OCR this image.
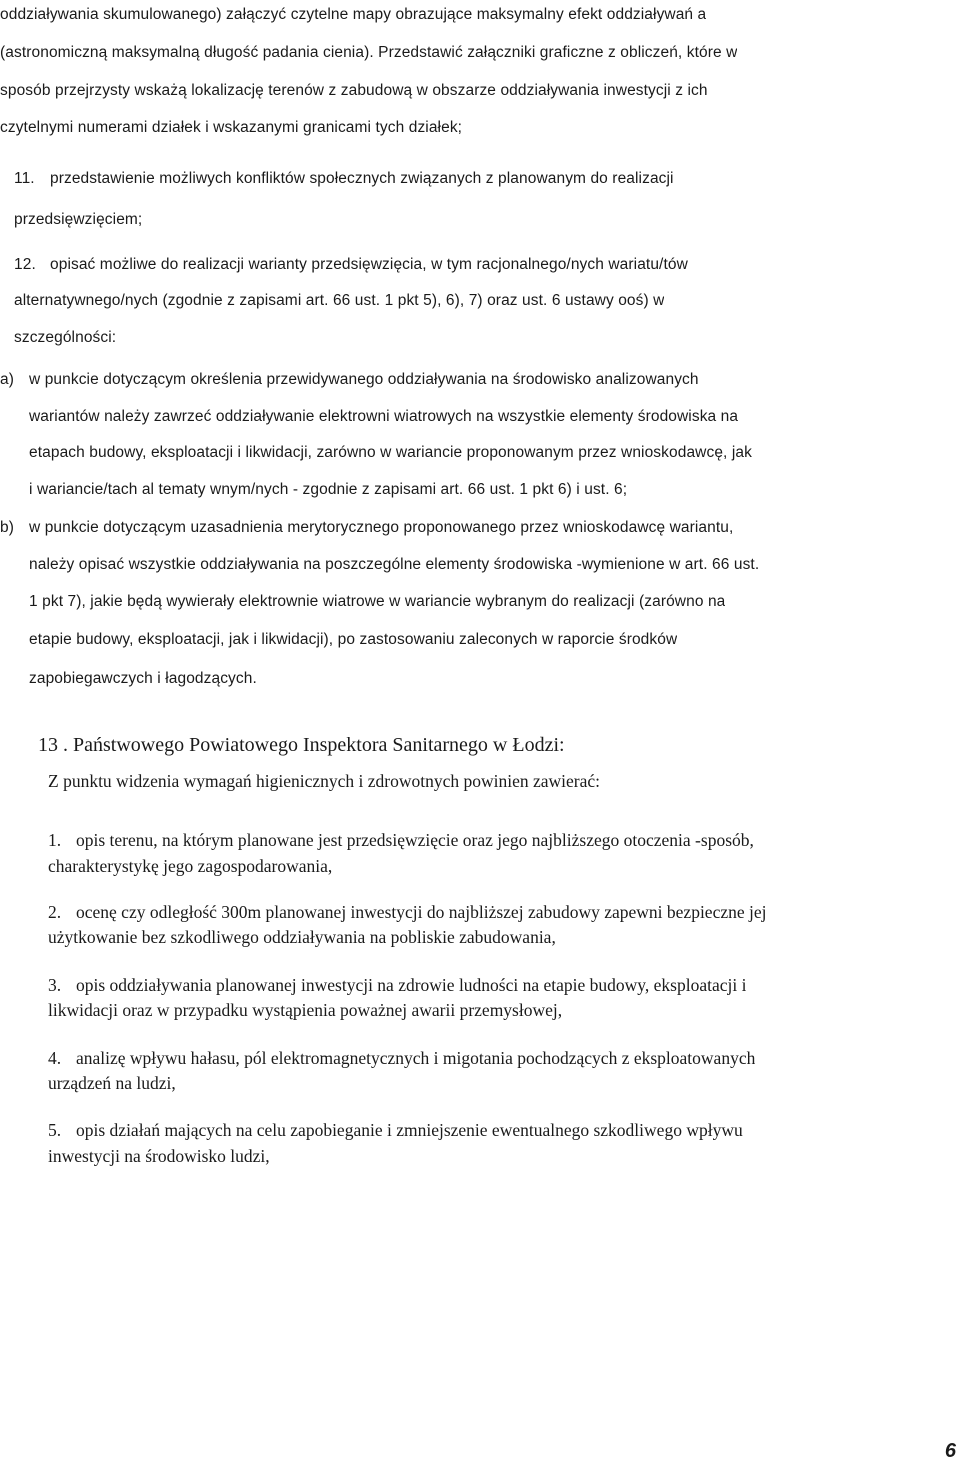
oddziaływania skumulowanego) załączyć czytelne mapy obrazujące maksymalny efekt oddziaływań a
(astronomiczną maksymalną długość padania cienia). Przedstawić załączniki graficzne z obliczeń, które w
sposób przejrzysty wskażą lokalizację terenów z zabudową w obszarze oddziaływania inwestycji z ich
czytelnymi numerami działek i wskazanymi granicami tych działek;
11. przedstawienie możliwych konfliktów społecznych związanych z planowanym do realizacji
przedsięwzięciem;
12. opisać możliwe do realizacji warianty przedsięwzięcia, w tym racjonalnego/nych wariatu/tów
alternatywnego/nych (zgodnie z zapisami art. 66 ust. 1 pkt 5), 6), 7) oraz ust. 6 ustawy ooś) w
szczególności:
a) w punkcie dotyczącym określenia przewidywanego oddziaływania na środowisko analizowanych
wariantów należy zawrzeć oddziaływanie elektrowni wiatrowych na wszystkie elementy środowiska na
etapach budowy, eksploatacji i likwidacji, zarówno w wariancie proponowanym przez wnioskodawcę, jak
i wariancie/tach al tematy wnym/nych - zgodnie z zapisami art. 66 ust. 1 pkt 6) i ust. 6;
b) w punkcie dotyczącym uzasadnienia merytorycznego proponowanego przez wnioskodawcę wariantu,
należy opisać wszystkie oddziaływania na poszczególne elementy środowiska -wymienione w art. 66 ust.
1 pkt 7), jakie będą wywierały elektrownie wiatrowe w wariancie wybranym do realizacji (zarówno na
etapie budowy, eksploatacji, jak i likwidacji), po zastosowaniu zaleconych w raporcie środków
zapobiegawczych i łagodzących.
13 . Państwowego Powiatowego Inspektora Sanitarnego w Łodzi:
Z punktu widzenia wymagań higienicznych i zdrowotnych powinien zawierać:
1. opis terenu, na którym planowane jest przedsięwzięcie oraz jego najbliższego otoczenia -sposób,
charakterystykę jego zagospodarowania,
2. ocenę czy odległość 300m planowanej inwestycji do najbliższej zabudowy zapewni bezpieczne jej
użytkowanie bez szkodliwego oddziaływania na pobliskie zabudowania,
3. opis oddziaływania planowanej inwestycji na zdrowie ludności na etapie budowy, eksploatacji i
likwidacji oraz w przypadku wystąpienia poważnej awarii przemysłowej,
4. analizę wpływu hałasu, pól elektromagnetycznych i migotania pochodzących z eksploatowanych
urządzeń na ludzi,
5. opis działań mających na celu zapobieganie i zmniejszenie ewentualnego szkodliwego wpływu
inwestycji na środowisko ludzi,
6
